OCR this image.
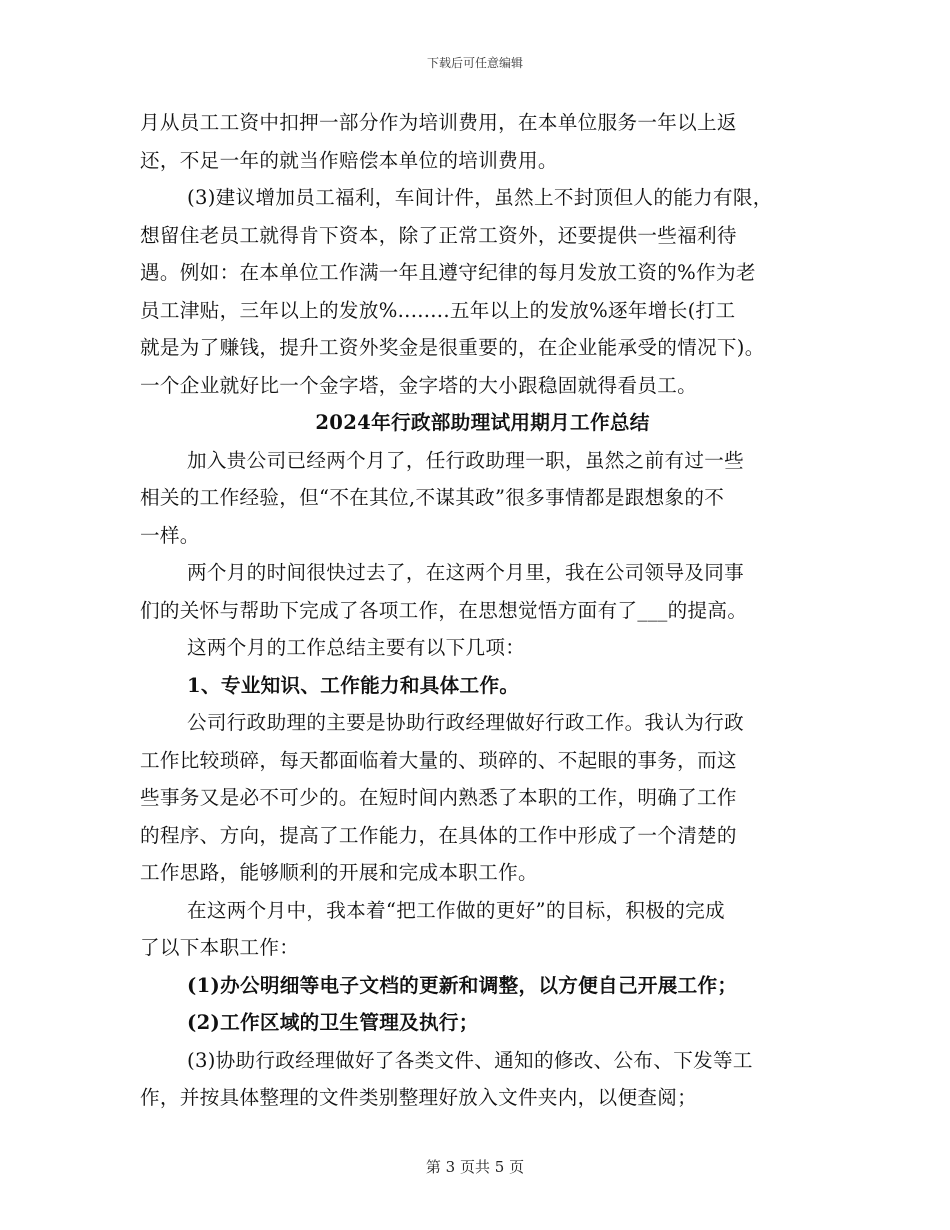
下载后可任意编辑
月从员工工资中扣押一部分作为培训费用，在本单位服务一年以上返
还，不足一年的就当作赔偿本单位的培训费用。
(3)建议增加员工福利，车间计件，虽然上不封顶但人的能力有限，
想留住老员工就得肯下资本，除了正常工资外，还要提供一些福利待
遇。例如：在本单位工作满一年且遵守纪律的每月发放工资的%作为老
员工津贴，三年以上的发放%........五年以上的发放%逐年增长(打工
就是为了赚钱，提升工资外奖金是很重要的，在企业能承受的情况下)。
一个企业就好比一个金字塔，金字塔的大小跟稳固就得看员工。
2024年行政部助理试用期月工作总结
加入贵公司已经两个月了，任行政助理一职，虽然之前有过一些
相关的工作经验，但“不在其位,不谋其政”很多事情都是跟想象的不
一样。
两个月的时间很快过去了，在这两个月里，我在公司领导及同事
们的关怀与帮助下完成了各项工作，在思想觉悟方面有了___的提高。
这两个月的工作总结主要有以下几项：
1、专业知识、工作能力和具体工作。
公司行政助理的主要是协助行政经理做好行政工作。我认为行政
工作比较琐碎，每天都面临着大量的、琐碎的、不起眼的事务，而这
些事务又是必不可少的。在短时间内熟悉了本职的工作，明确了工作
的程序、方向，提高了工作能力，在具体的工作中形成了一个清楚的
工作思路，能够顺利的开展和完成本职工作。
在这两个月中，我本着“把工作做的更好”的目标，积极的完成
了以下本职工作：
(1)办公明细等电子文档的更新和调整，以方便自己开展工作；
(2)工作区域的卫生管理及执行；
(3)协助行政经理做好了各类文件、通知的修改、公布、下发等工
作，并按具体整理的文件类别整理好放入文件夹内，以便查阅；
第 3 页共 5 页
